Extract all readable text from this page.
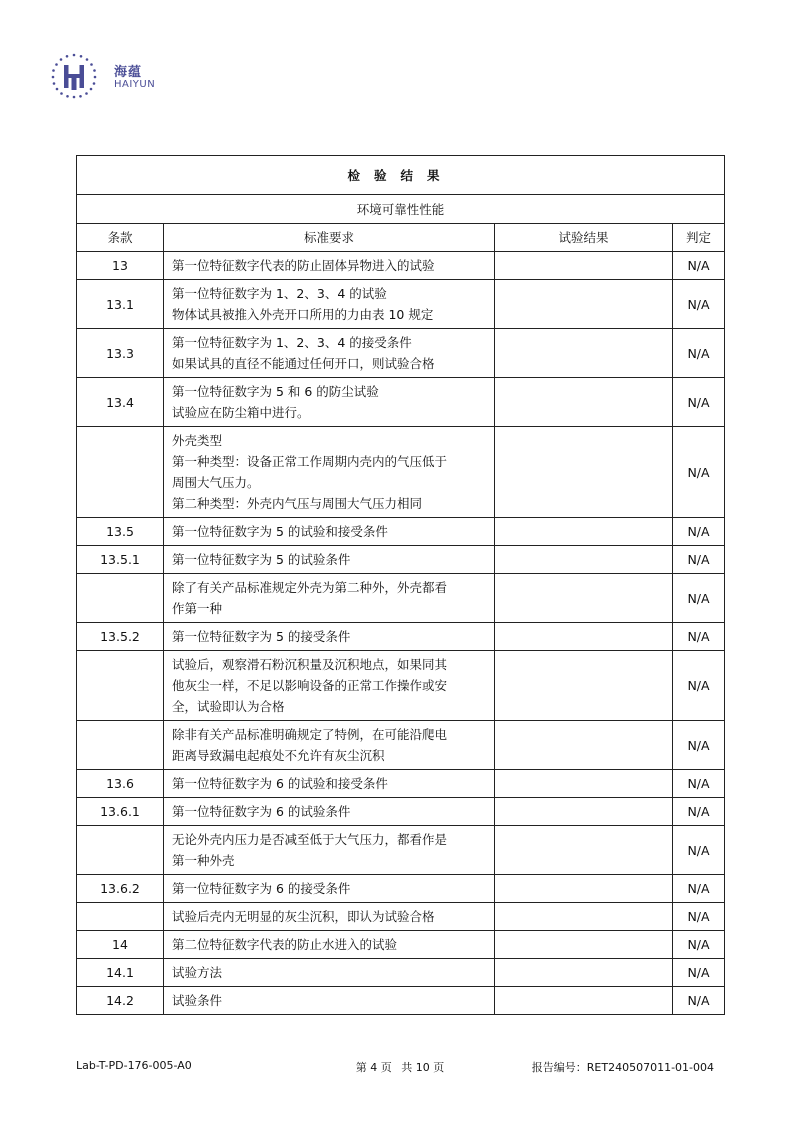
海蕴
HAIYUN
检验结果			
环境可靠性性能			
条款	标准要求	试验结果	判定
13	第一位特征数字代表的防止固体异物进入的试验		N/A
13.1	第一位特征数字为 1、2、3、4 的试验
物体试具被推入外壳开口所用的力由表 10 规定		N/A
13.3	第一位特征数字为 1、2、3、4 的接受条件
如果试具的直径不能通过任何开口，则试验合格		N/A
13.4	第一位特征数字为 5 和 6 的防尘试验
试验应在防尘箱中进行。		N/A

	外壳类型
第一种类型：设备正常工作周期内壳内的气压低于
周围大气压力。
第二种类型：外壳内气压与周围大气压力相同		N/A
13.5	第一位特征数字为 5 的试验和接受条件		N/A
13.5.1	第一位特征数字为 5 的试验条件		N/A

	除了有关产品标准规定外壳为第二种外，外壳都看
作第一种		N/A
13.5.2	第一位特征数字为 5 的接受条件		N/A

	试验后，观察滑石粉沉积量及沉积地点，如果同其
他灰尘一样，不足以影响设备的正常工作操作或安
全，试验即认为合格		N/A

	除非有关产品标准明确规定了特例，在可能沿爬电
距离导致漏电起痕处不允许有灰尘沉积		N/A
13.6	第一位特征数字为 6 的试验和接受条件		N/A
13.6.1	第一位特征数字为 6 的试验条件		N/A

	无论外壳内压力是否减至低于大气压力，都看作是
第一种外壳		N/A
13.6.2	第一位特征数字为 6 的接受条件		N/A

	试验后壳内无明显的灰尘沉积，即认为试验合格		N/A
14	第二位特征数字代表的防止水进入的试验		N/A
14.1	试验方法		N/A
14.2	试验条件		N/A
Lab-T-PD-176-005-A0	第 4 页 共 10 页	报告编号：RET240507011-01-004
